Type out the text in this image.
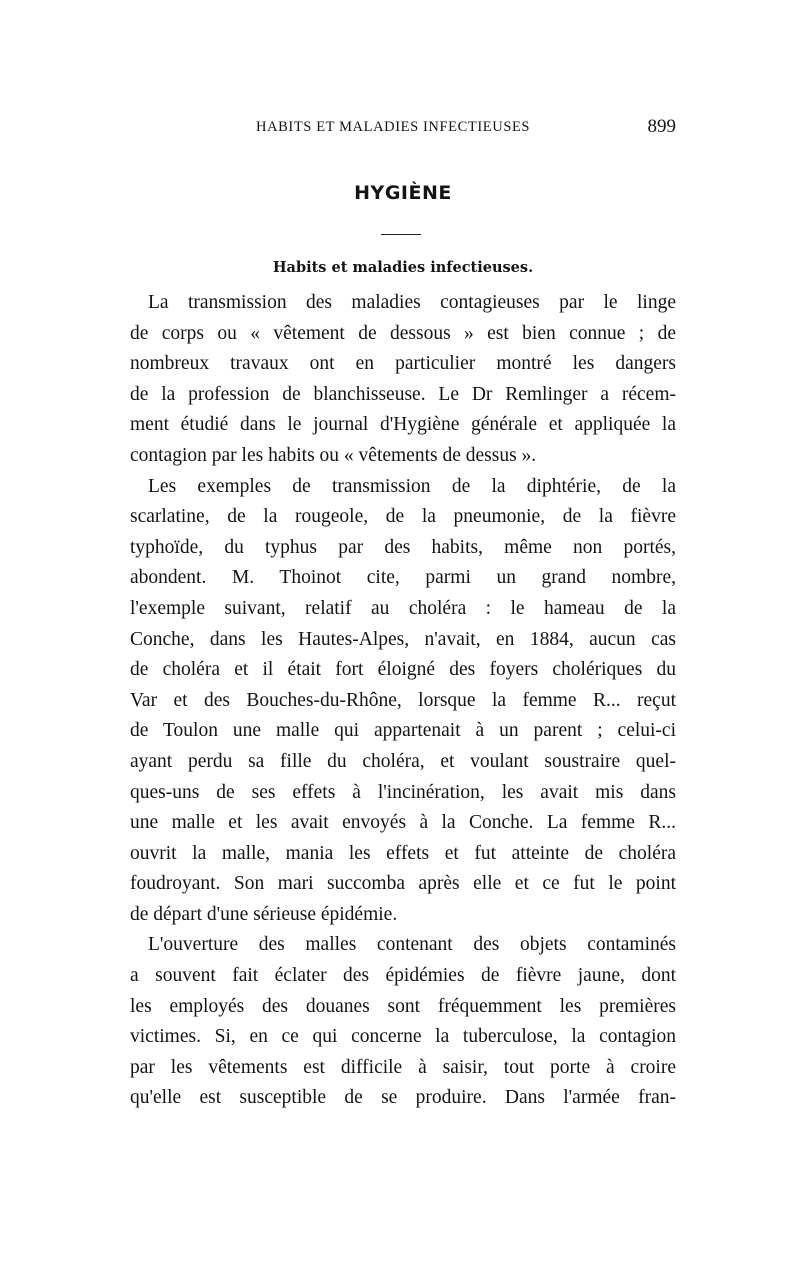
HABITS ET MALADIES INFECTIEUSES	899
HYGIÈNE
Habits et maladies infectieuses.
La transmission des maladies contagieuses par le linge
de corps ou « vêtement de dessous » est bien connue ; de
nombreux travaux ont en particulier montré les dangers
de la profession de blanchisseuse. Le Dr Remlinger a récem-
ment étudié dans le journal d'Hygiène générale et appliquée la
contagion par les habits ou « vêtements de dessus ».
Les exemples de transmission de la diphtérie, de la
scarlatine, de la rougeole, de la pneumonie, de la fièvre
typhoïde, du typhus par des habits, même non portés,
abondent. M. Thoinot cite, parmi un grand nombre,
l'exemple suivant, relatif au choléra : le hameau de la
Conche, dans les Hautes-Alpes, n'avait, en 1884, aucun cas
de choléra et il était fort éloigné des foyers cholériques du
Var et des Bouches-du-Rhône, lorsque la femme R... reçut
de Toulon une malle qui appartenait à un parent ; celui-ci
ayant perdu sa fille du choléra, et voulant soustraire quel-
ques-uns de ses effets à l'incinération, les avait mis dans
une malle et les avait envoyés à la Conche. La femme R...
ouvrit la malle, mania les effets et fut atteinte de choléra
foudroyant. Son mari succomba après elle et ce fut le point
de départ d'une sérieuse épidémie.
L'ouverture des malles contenant des objets contaminés
a souvent fait éclater des épidémies de fièvre jaune, dont
les employés des douanes sont fréquemment les premières
victimes. Si, en ce qui concerne la tuberculose, la contagion
par les vêtements est difficile à saisir, tout porte à croire
qu'elle est susceptible de se produire. Dans l'armée fran-
